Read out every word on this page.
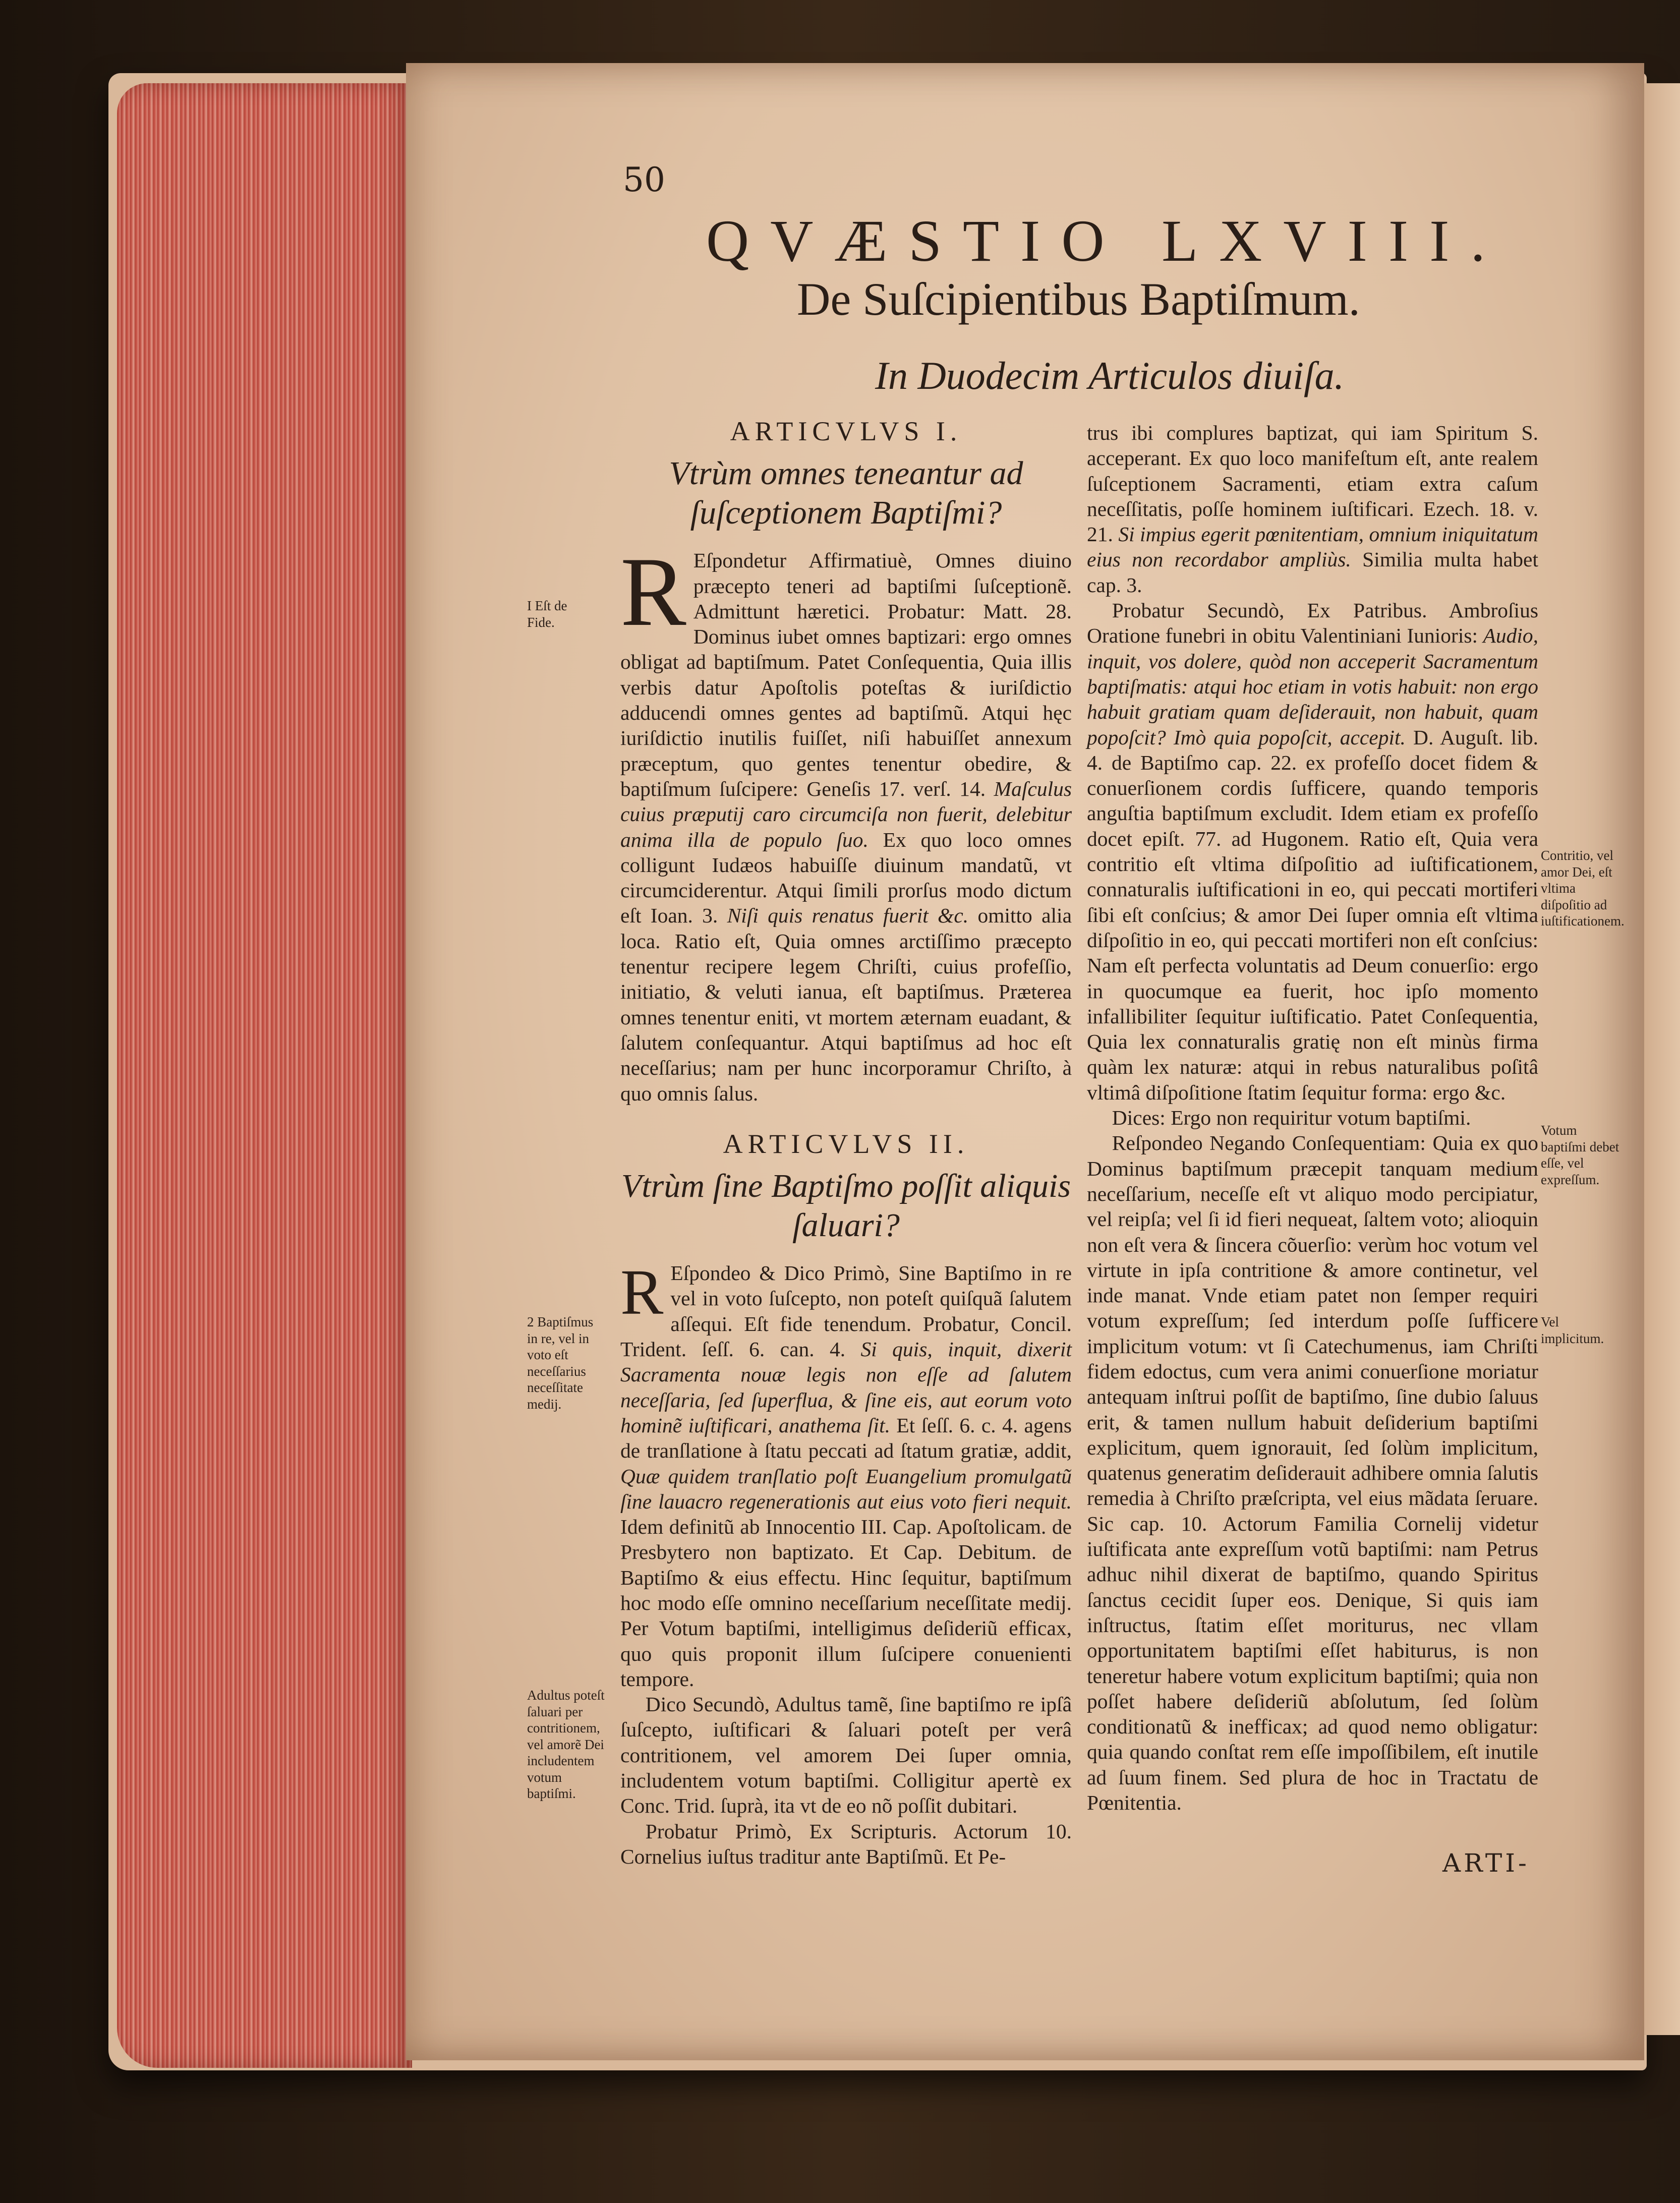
50
QVÆSTIO LXVIII.
De Suſcipientibus Baptiſmum.
In Duodecim Articulos diuiſa.
ARTICVLVS I.
Vtrùm omnes teneantur ad ſuſceptionem Baptiſmi?

R Eſpondetur Affirmatiuè, Omnes diuino præcepto teneri ad baptiſmi ſuſceptionẽ. Admittunt hæretici. Probatur: Matt. 28. Dominus iubet omnes baptizari: ergo omnes obligat ad baptiſmum. Patet Conſequentia, Quia illis verbis datur Apoſtolis poteſtas & iuriſdictio adducendi omnes gentes ad baptiſmũ. Atqui hęc iuriſdictio inutilis fuiſſet, niſi habuiſſet annexum præceptum, quo gentes tenentur obedire, & baptiſmum ſuſcipere: Geneſis 17. verſ. 14. Maſculus cuius præputij caro circumciſa non fuerit, delebitur anima illa de populo ſuo. Ex quo loco omnes colligunt Iudæos habuiſſe diuinum mandatũ, vt circumciderentur. Atqui ſimili prorſus modo dictum eſt Ioan. 3. Niſi quis renatus fuerit &c. omitto alia loca. Ratio eſt, Quia omnes arctiſſimo præcepto tenentur recipere legem Chriſti, cuius profeſſio, initiatio, & veluti ianua, eſt baptiſmus. Præterea omnes tenentur eniti, vt mortem æternam euadant, & ſalutem conſequantur. Atqui baptiſmus ad hoc eſt neceſſarius; nam per hunc incorporamur Chriſto, à quo omnis ſalus.

ARTICVLVS II.
Vtrùm ſine Baptiſmo poſſit aliquis ſaluari?

R Eſpondeo & Dico Primò, Sine Baptiſmo in re vel in voto ſuſcepto, non poteſt quiſquã ſalutem aſſequi. Eſt fide tenendum. Probatur, Concil. Trident. ſeſſ. 6. can. 4. Si quis, inquit, dixerit Sacramenta nouæ legis non eſſe ad ſalutem neceſſaria, ſed ſuperflua, & ſine eis, aut eorum voto hominẽ iuſtificari, anathema ſit. Et ſeſſ. 6. c. 4. agens de tranſlatione à ſtatu peccati ad ſtatum gratiæ, addit, Quæ quidem tranſlatio poſt Euangelium promulgatũ ſine lauacro regenerationis aut eius voto fieri nequit. Idem definitũ ab Innocentio III. Cap. Apoſtolicam. de Presbytero non baptizato. Et Cap. Debitum. de Baptiſmo & eius effectu. Hinc ſequitur, baptiſmum hoc modo eſſe omnino neceſſarium neceſſitate medij. Per Votum baptiſmi, intelligimus deſideriũ efficax, quo quis proponit illum ſuſcipere conuenienti tempore.

Dico Secundò, Adultus tamẽ, ſine baptiſmo re ipſâ ſuſcepto, iuſtificari & ſaluari poteſt per verâ contritionem, vel amorem Dei ſuper omnia, includentem votum baptiſmi. Colligitur apertè ex Conc. Trid. ſuprà, ita vt de eo nõ poſſit dubitari.

Probatur Primò, Ex Scripturis. Actorum 10. Cornelius iuſtus traditur ante Baptiſmũ. Et Pe-

trus ibi complures baptizat, qui iam Spiritum S. acceperant. Ex quo loco manifeſtum eſt, ante realem ſuſceptionem Sacramenti, etiam extra caſum neceſſitatis, poſſe hominem iuſtificari. Ezech. 18. v. 21. Si impius egerit pœnitentiam, omnium iniquitatum eius non recordabor ampliùs. Similia multa habet cap. 3.

Probatur Secundò, Ex Patribus. Ambroſius Oratione funebri in obitu Valentiniani Iunioris: Audio, inquit, vos dolere, quòd non acceperit Sacramentum baptiſmatis: atqui hoc etiam in votis habuit: non ergo habuit gratiam quam deſiderauit, non habuit, quam popoſcit? Imò quia popoſcit, accepit. D. Auguſt. lib. 4. de Baptiſmo cap. 22. ex profeſſo docet fidem & conuerſionem cordis ſufficere, quando temporis anguſtia baptiſmum excludit. Idem etiam ex profeſſo docet epiſt. 77. ad Hugonem. Ratio eſt, Quia vera contritio eſt vltima diſpoſitio ad iuſtificationem, connaturalis iuſtificationi in eo, qui peccati mortiferi ſibi eſt conſcius; & amor Dei ſuper omnia eſt vltima diſpoſitio in eo, qui peccati mortiferi non eſt conſcius: Nam eſt perfecta voluntatis ad Deum conuerſio: ergo in quocumque ea fuerit, hoc ipſo momento infallibiliter ſequitur iuſtificatio. Patet Conſequentia, Quia lex connaturalis gratię non eſt minùs firma quàm lex naturæ: atqui in rebus naturalibus poſitâ vltimâ diſpoſitione ſtatim ſequitur forma: ergo &c.

Dices: Ergo non requiritur votum baptiſmi.

Reſpondeo Negando Conſequentiam: Quia ex quo Dominus baptiſmum præcepit tanquam medium neceſſarium, neceſſe eſt vt aliquo modo percipiatur, vel reipſa; vel ſi id fieri nequeat, ſaltem voto; alioquin non eſt vera & ſincera cõuerſio: verùm hoc votum vel virtute in ipſa contritione & amore continetur, vel inde manat. Vnde etiam patet non ſemper requiri votum expreſſum; ſed interdum poſſe ſufficere implicitum votum: vt ſi Catechumenus, iam Chriſti fidem edoctus, cum vera animi conuerſione moriatur antequam inſtrui poſſit de baptiſmo, ſine dubio ſaluus erit, & tamen nullum habuit deſiderium baptiſmi explicitum, quem ignorauit, ſed ſolùm implicitum, quatenus generatim deſiderauit adhibere omnia ſalutis remedia à Chriſto præſcripta, vel eius mãdata ſeruare. Sic cap. 10. Actorum Familia Cornelij videtur iuſtificata ante expreſſum votũ baptiſmi: nam Petrus adhuc nihil dixerat de baptiſmo, quando Spiritus ſanctus cecidit ſuper eos. Denique, Si quis iam inſtructus, ſtatim eſſet moriturus, nec vllam opportunitatem baptiſmi eſſet habiturus, is non teneretur habere votum explicitum baptiſmi; quia non poſſet habere deſideriũ abſolutum, ſed ſolùm conditionatũ & inefficax; ad quod nemo obligatur: quia quando conſtat rem eſſe impoſſibilem, eſt inutile ad ſuum finem. Sed plura de hoc in Tractatu de Pœnitentia.

I Eſt de Fide.
2 Baptiſmus in re, vel in voto eſt neceſſarius neceſſitate medij.
Adultus poteſt ſaluari per contritionem, vel amorẽ Dei includentem votum baptiſmi.
Contritio, vel amor Dei, eſt vltima diſpoſitio ad iuſtificationem.
Votum baptiſmi debet eſſe, vel expreſſum.
Vel implicitum.
ARTI-
